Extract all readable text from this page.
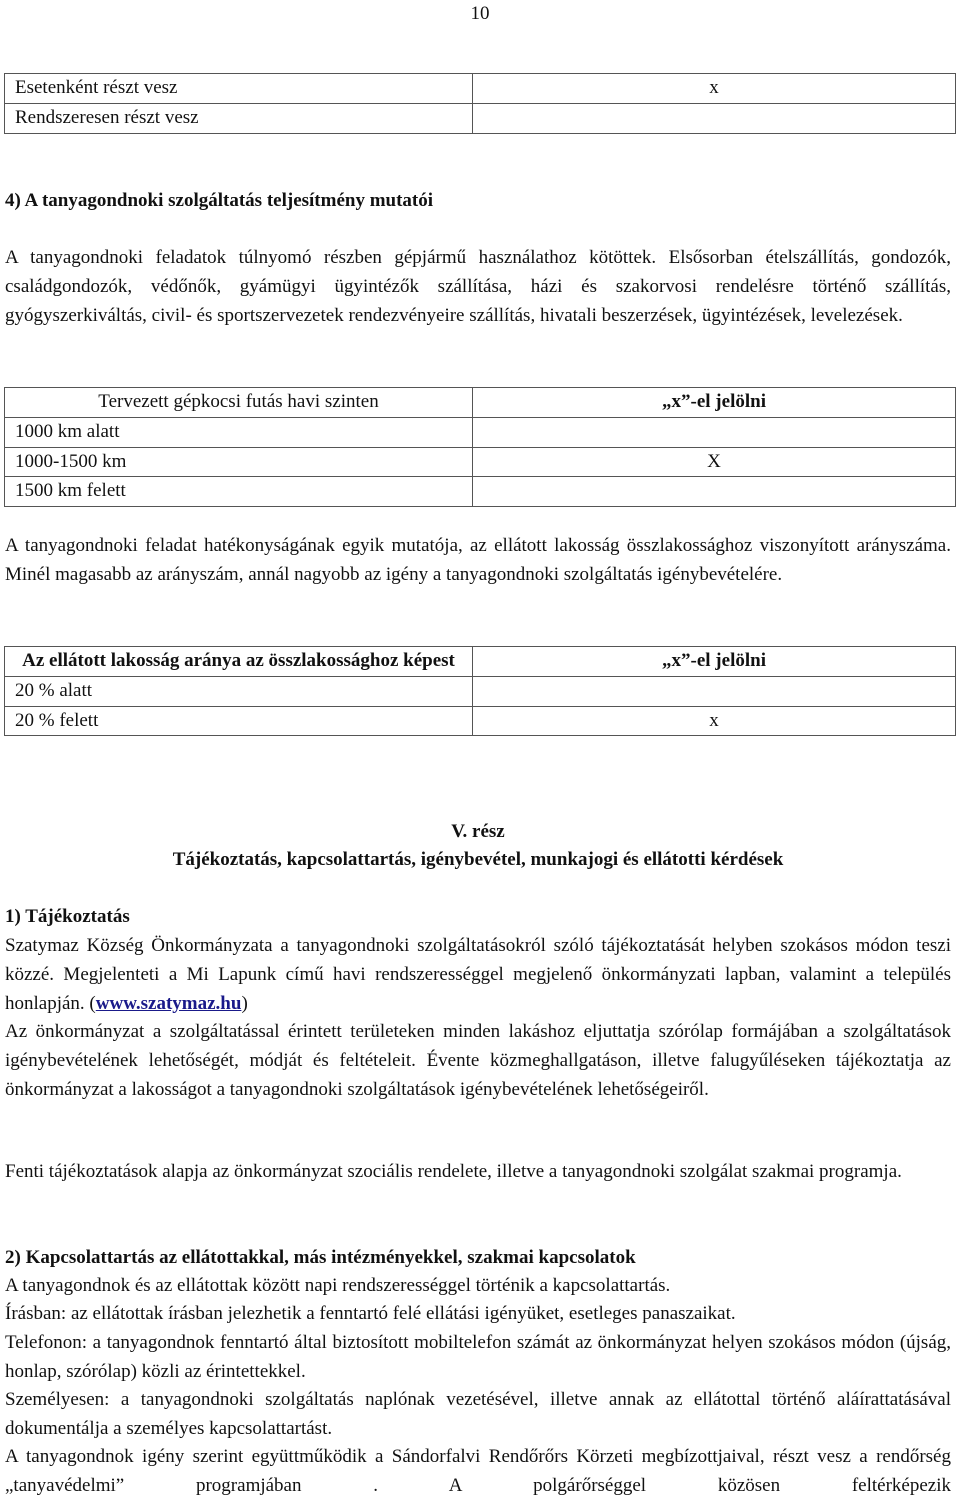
10
Esetenként részt vesz	x
Rendszeresen részt vesz	

4) A tanyagondnoki szolgáltatás teljesítmény mutatói

A tanyagondnoki feladatok túlnyomó részben gépjármű használathoz kötöttek. Elsősorban ételszállítás, gondozók, családgondozók, védőnők, gyámügyi ügyintézők szállítása, házi és szakorvosi rendelésre történő szállítás, gyógyszerkiváltás, civil- és sportszervezetek rendezvényeire szállítás, hivatali beszerzések, ügyintézések, levelezések.

Tervezett gépkocsi futás havi szinten	„x”-el jelölni
1000 km alatt	
1000-1500 km	X
1500 km felett	

A tanyagondnoki feladat hatékonyságának egyik mutatója, az ellátott lakosság összlakossághoz viszonyított arányszáma. Minél magasabb az arányszám, annál nagyobb az igény a tanyagondnoki szolgáltatás igénybevételére.

Az ellátott lakosság aránya az összlakossághoz képest	„x”-el jelölni
20 % alatt	
20 % felett	x

V. rész

Tájékoztatás, kapcsolattartás, igénybevétel, munkajogi és ellátotti kérdések

1) Tájékoztatás

Szatymaz Község Önkormányzata a tanyagondnoki szolgáltatásokról szóló tájékoztatását helyben szokásos módon teszi közzé. Megjelenteti a Mi Lapunk című havi rendszerességgel megjelenő önkormányzati lapban, valamint a település honlapján. (www.szatymaz.hu)

Az önkormányzat a szolgáltatással érintett területeken minden lakáshoz eljuttatja szórólap formájában a szolgáltatások igénybevételének lehetőségét, módját és feltételeit. Évente közmeghallgatáson, illetve falugyűléseken tájékoztatja az önkormányzat a lakosságot a tanyagondnoki szolgáltatások igénybevételének lehetőségeiről.

Fenti tájékoztatások alapja az önkormányzat szociális rendelete, illetve a tanyagondnoki szolgálat szakmai programja.

2) Kapcsolattartás az ellátottakkal, más intézményekkel, szakmai kapcsolatok

A tanyagondnok és az ellátottak között napi rendszerességgel történik a kapcsolattartás.

Írásban: az ellátottak írásban jelezhetik a fenntartó felé ellátási igényüket, esetleges panaszaikat.

Telefonon: a tanyagondnok fenntartó által biztosított mobiltelefon számát az önkormányzat helyen szokásos módon (újság, honlap, szórólap) közli az érintettekkel.

Személyesen: a tanyagondnoki szolgáltatás naplónak vezetésével, illetve annak az ellátottal történő aláírattatásával dokumentálja a személyes kapcsolattartást.

A tanyagondnok igény szerint együttműködik a Sándorfalvi Rendőrőrs Körzeti megbízottjaival, részt vesz a rendőrség „tanyavédelmi” programjában . A polgárőrséggel közösen feltérképezik
